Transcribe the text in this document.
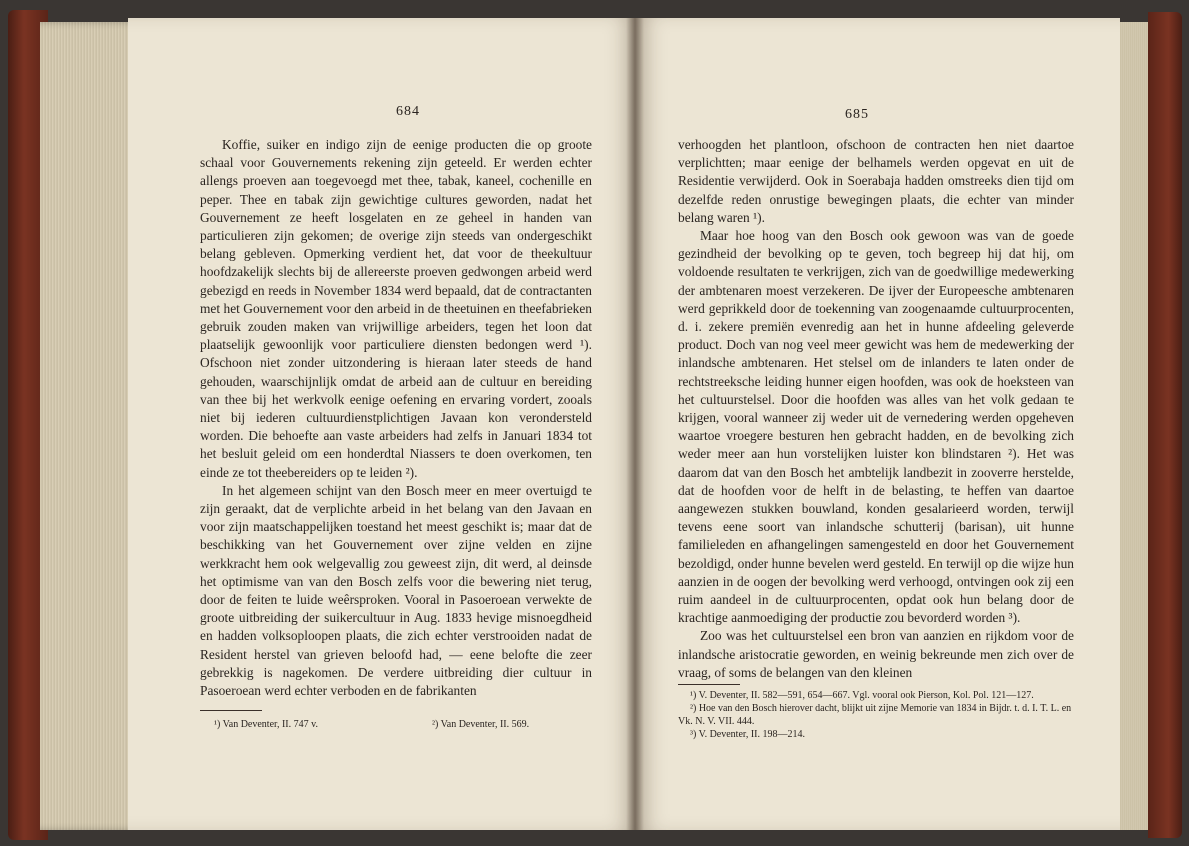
684

Koffie, suiker en indigo zijn de eenige producten die op groote schaal voor Gouvernements rekening zijn geteeld. Er werden echter allengs proeven aan toegevoegd met thee, tabak, kaneel, cochenille en peper. Thee en tabak zijn gewichtige cultures geworden, nadat het Gouvernement ze heeft losgelaten en ze geheel in handen van particulieren zijn gekomen; de overige zijn steeds van ondergeschikt belang gebleven. Opmerking verdient het, dat voor de theekultuur hoofdzakelijk slechts bij de allereerste proeven gedwongen arbeid werd gebezigd en reeds in November 1834 werd bepaald, dat de contractanten met het Gouvernement voor den arbeid in de theetuinen en theefabrieken gebruik zouden maken van vrijwillige arbeiders, tegen het loon dat plaatselijk gewoonlijk voor particuliere diensten bedongen werd ¹). Ofschoon niet zonder uitzondering is hieraan later steeds de hand gehouden, waarschijnlijk omdat de arbeid aan de cultuur en bereiding van thee bij het werkvolk eenige oefening en ervaring vordert, zooals niet bij iederen cultuurdienstplichtigen Javaan kon verondersteld worden. Die behoefte aan vaste arbeiders had zelfs in Januari 1834 tot het besluit geleid om een honderdtal Niassers te doen overkomen, ten einde ze tot theebereiders op te leiden ²).

In het algemeen schijnt van den Bosch meer en meer overtuigd te zijn geraakt, dat de verplichte arbeid in het belang van den Javaan en voor zijn maatschappelijken toestand het meest geschikt is; maar dat de beschikking van het Gouvernement over zijne velden en zijne werkkracht hem ook welgevallig zou geweest zijn, dit werd, al deinsde het optimisme van van den Bosch zelfs voor die bewering niet terug, door de feiten te luide weêrsproken. Vooral in Pasoeroean verwekte de groote uitbreiding der suikercultuur in Aug. 1833 hevige misnoegdheid en hadden volksoploopen plaats, die zich echter verstrooiden nadat de Resident herstel van grieven beloofd had, — eene belofte die zeer gebrekkig is nagekomen. De verdere uitbreiding dier cultuur in Pasoeroean werd echter verboden en de fabrikanten

¹) Van Deventer, II. 747 v.	²) Van Deventer, II. 569.
685

verhoogden het plantloon, ofschoon de contracten hen niet daartoe verplichtten; maar eenige der belhamels werden opgevat en uit de Residentie verwijderd. Ook in Soerabaja hadden omstreeks dien tijd om dezelfde reden onrustige bewegingen plaats, die echter van minder belang waren ¹).

Maar hoe hoog van den Bosch ook gewoon was van de goede gezindheid der bevolking op te geven, toch begreep hij dat hij, om voldoende resultaten te verkrijgen, zich van de goedwillige medewerking der ambtenaren moest verzekeren. De ijver der Europeesche ambtenaren werd geprikkeld door de toekenning van zoogenaamde cultuurprocenten, d. i. zekere premiën evenredig aan het in hunne afdeeling geleverde product. Doch van nog veel meer gewicht was hem de medewerking der inlandsche ambtenaren. Het stelsel om de inlanders te laten onder de rechtstreeksche leiding hunner eigen hoofden, was ook de hoeksteen van het cultuurstelsel. Door die hoofden was alles van het volk gedaan te krijgen, vooral wanneer zij weder uit de vernedering werden opgeheven waartoe vroegere besturen hen gebracht hadden, en de bevolking zich weder meer aan hun vorstelijken luister kon blindstaren ²). Het was daarom dat van den Bosch het ambtelijk landbezit in zooverre herstelde, dat de hoofden voor de helft in de belasting, te heffen van daartoe aangewezen stukken bouwland, konden gesalarieerd worden, terwijl tevens eene soort van inlandsche schutterij (barisan), uit hunne familieleden en afhangelingen samengesteld en door het Gouvernement bezoldigd, onder hunne bevelen werd gesteld. En terwijl op die wijze hun aanzien in de oogen der bevolking werd verhoogd, ontvingen ook zij een ruim aandeel in de cultuurprocenten, opdat ook hun belang door de krachtige aanmoediging der productie zou bevorderd worden ³).

Zoo was het cultuurstelsel een bron van aanzien en rijkdom voor de inlandsche aristocratie geworden, en weinig bekreunde men zich over de vraag, of soms de belangen van den kleinen

¹) V. Deventer, II. 582—591, 654—667. Vgl. vooral ook Pierson, Kol. Pol. 121—127.
²) Hoe van den Bosch hierover dacht, blijkt uit zijne Memorie van 1834 in Bijdr. t. d. I. T. L. en Vk. N. V. VII. 444.
³) V. Deventer, II. 198—214.
